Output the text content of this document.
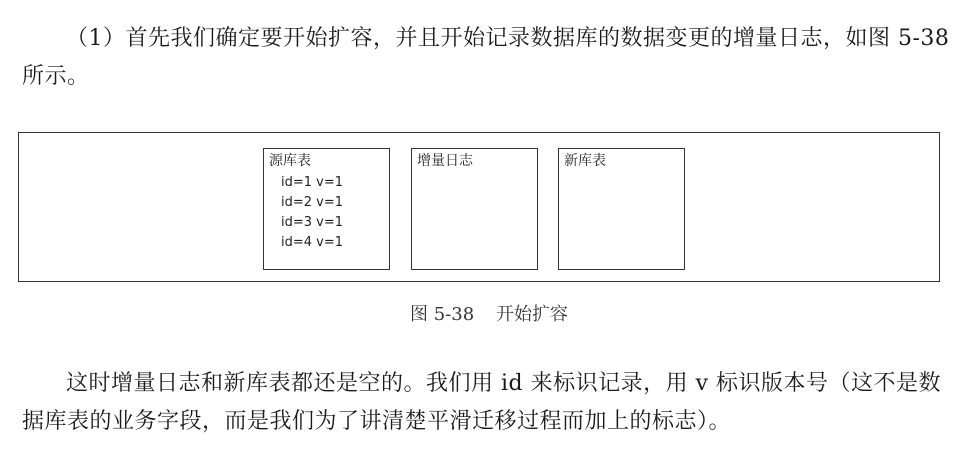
（1）首先我们确定要开始扩容，并且开始记录数据库的数据变更的增量日志，如图 5-38 所示。

源库表
id=1 v=1
id=2 v=1
id=3 v=1
id=4 v=1
增量日志	新库表
图 5-38 开始扩容

这时增量日志和新库表都还是空的。我们用 id 来标识记录，用 v 标识版本号（这不是数据库表的业务字段，而是我们为了讲清楚平滑迁移过程而加上的标志）。
